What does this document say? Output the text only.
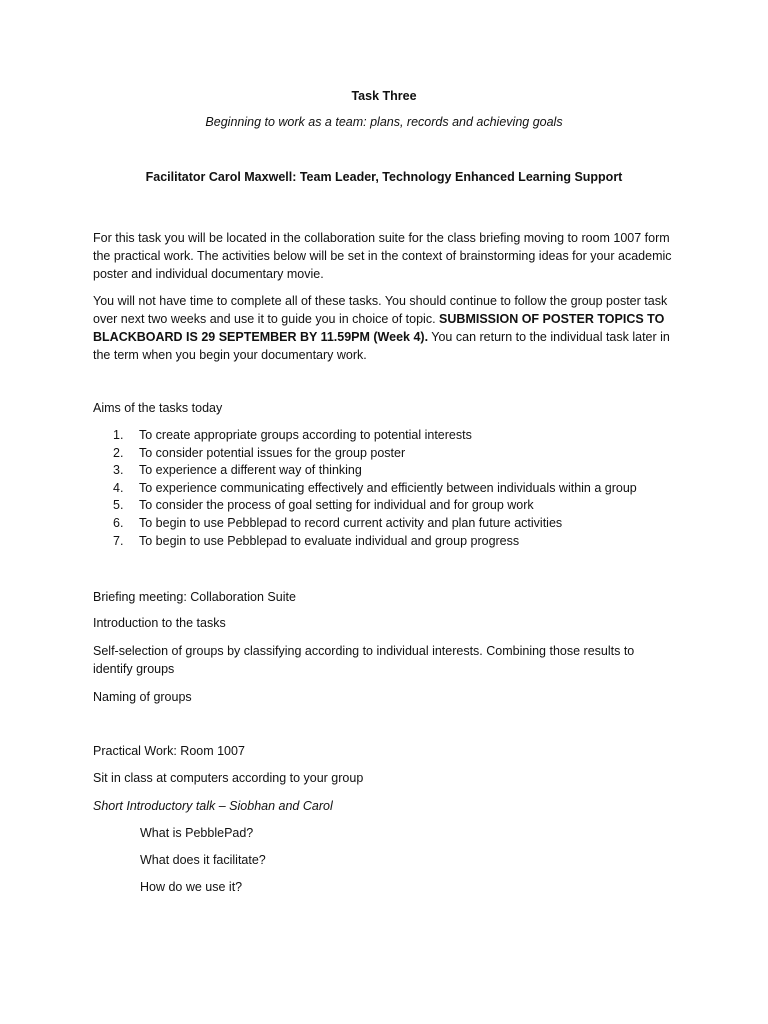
Task Three

Beginning to work as a team: plans, records and achieving goals

Facilitator Carol Maxwell: Team Leader, Technology Enhanced Learning Support

For this task you will be located in the collaboration suite for the class briefing moving to room 1007 form the practical work. The activities below will be set in the context of brainstorming ideas for your academic poster and individual documentary movie.

You will not have time to complete all of these tasks. You should continue to follow the group poster task over next two weeks and use it to guide you in choice of topic. SUBMISSION OF POSTER TOPICS TO BLACKBOARD IS 29 SEPTEMBER BY 11.59PM (Week 4). You can return to the individual task later in the term when you begin your documentary work.

Aims of the tasks today

1.	To create appropriate groups according to potential interests
2.	To consider potential issues for the group poster
3.	To experience a different way of thinking
4.	To experience communicating effectively and efficiently between individuals within a group
5.	To consider the process of goal setting for individual and for group work
6.	To begin to use Pebblepad to record current activity and plan future activities
7.	To begin to use Pebblepad to evaluate individual and group progress

Briefing meeting: Collaboration Suite

Introduction to the tasks

Self-selection of groups by classifying according to individual interests. Combining those results to identify groups

Naming of groups

Practical Work: Room 1007

Sit in class at computers according to your group

Short Introductory talk – Siobhan and Carol

What is PebblePad?

What does it facilitate?

How do we use it?
